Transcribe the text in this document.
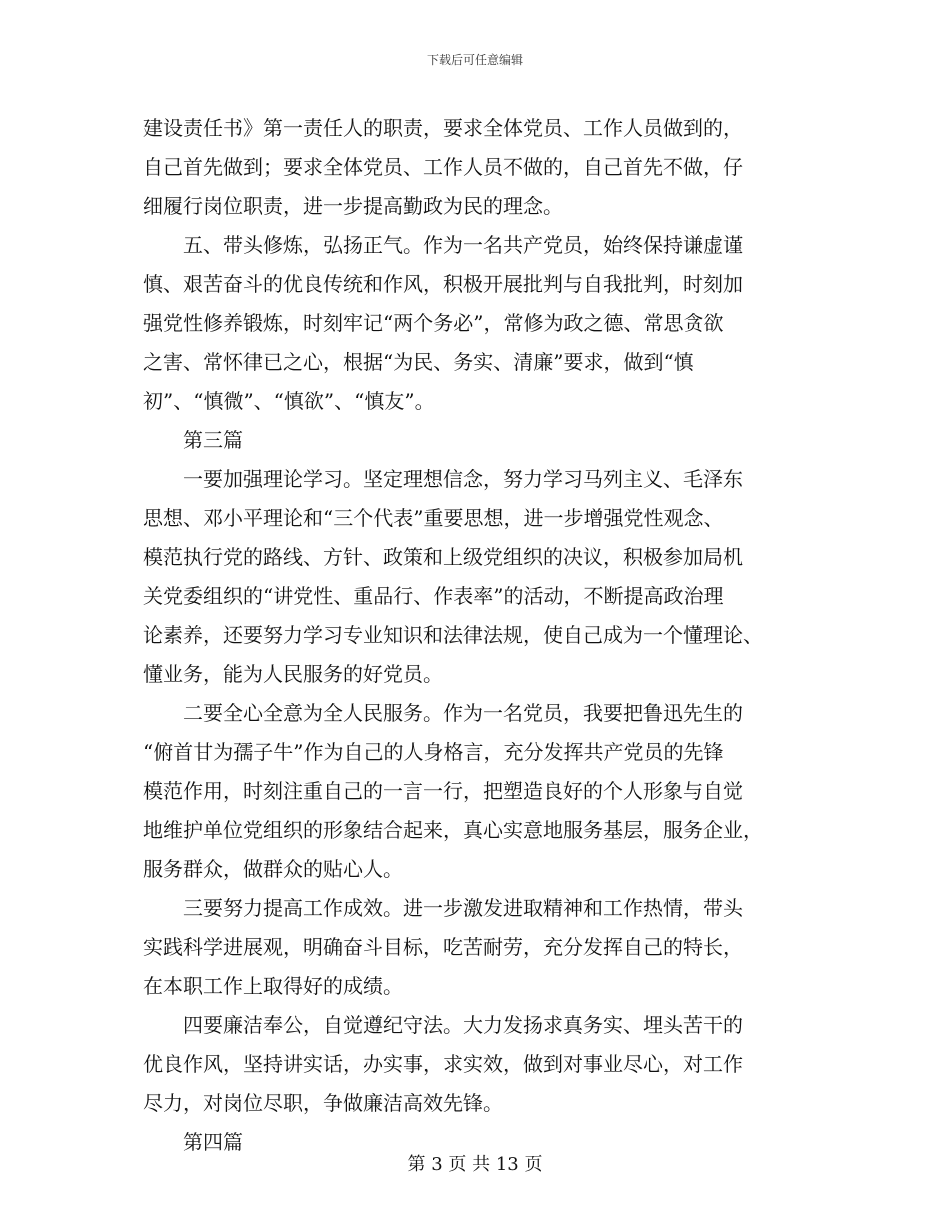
下载后可任意编辑
建设责任书》第一责任人的职责，要求全体党员、工作人员做到的，
自己首先做到；要求全体党员、工作人员不做的，自己首先不做，仔
细履行岗位职责，进一步提高勤政为民的理念。
　　五、带头修炼，弘扬正气。作为一名共产党员，始终保持谦虚谨
慎、艰苦奋斗的优良传统和作风，积极开展批判与自我批判，时刻加
强党性修养锻炼，时刻牢记“两个务必”，常修为政之德、常思贪欲
之害、常怀律已之心，根据“为民、务实、清廉”要求，做到“慎
初”、“慎微”、“慎欲”、“慎友”。
　　第三篇
　　一要加强理论学习。坚定理想信念，努力学习马列主义、毛泽东
思想、邓小平理论和“三个代表”重要思想，进一步增强党性观念、
模范执行党的路线、方针、政策和上级党组织的决议，积极参加局机
关党委组织的“讲党性、重品行、作表率”的活动，不断提高政治理
论素养，还要努力学习专业知识和法律法规，使自己成为一个懂理论、
懂业务，能为人民服务的好党员。
　　二要全心全意为全人民服务。作为一名党员，我要把鲁迅先生的
“俯首甘为孺子牛”作为自己的人身格言，充分发挥共产党员的先锋
模范作用，时刻注重自己的一言一行，把塑造良好的个人形象与自觉
地维护单位党组织的形象结合起来，真心实意地服务基层，服务企业，
服务群众，做群众的贴心人。
　　三要努力提高工作成效。进一步激发进取精神和工作热情，带头
实践科学进展观，明确奋斗目标，吃苦耐劳，充分发挥自己的特长，
在本职工作上取得好的成绩。
　　四要廉洁奉公，自觉遵纪守法。大力发扬求真务实、埋头苦干的
优良作风，坚持讲实话，办实事，求实效，做到对事业尽心，对工作
尽力，对岗位尽职，争做廉洁高效先锋。
　　第四篇
第 3 页 共 13 页
